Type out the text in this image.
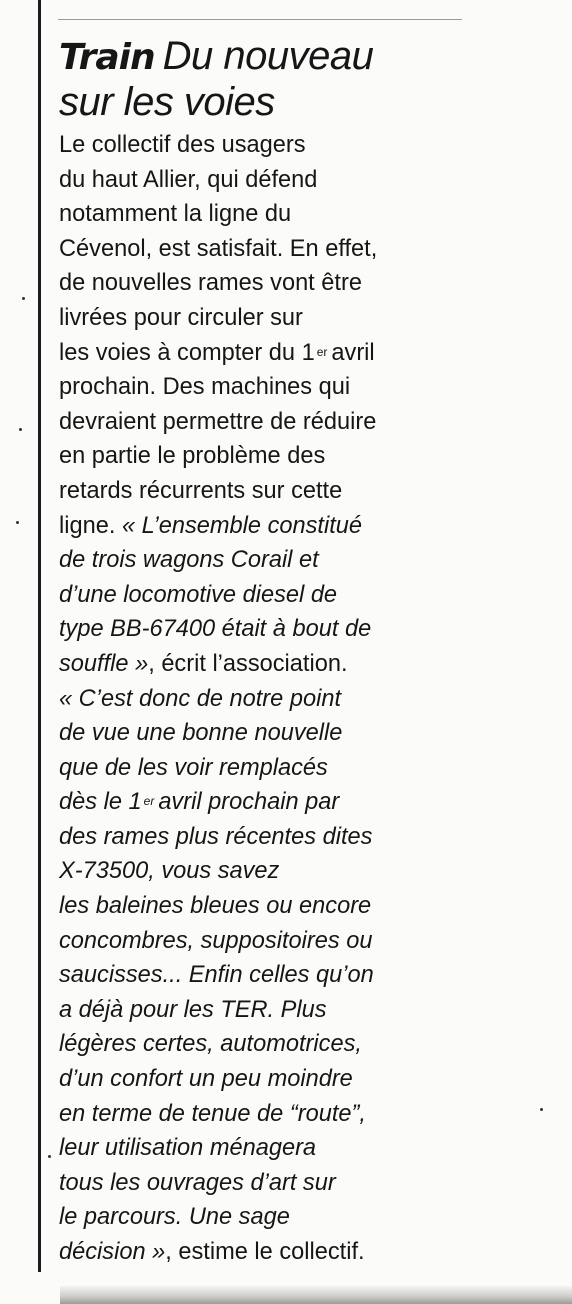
Train Du nouveau
sur les voies
Le collectif des usagers
du haut Allier, qui défend
notamment la ligne du
Cévenol, est satisfait. En effet,
de nouvelles rames vont être
livrées pour circuler sur
les voies à compter du 1 $^{er}$ avril
prochain. Des machines qui
devraient permettre de réduire
en partie le problème des
retards récurrents sur cette
ligne. « L’ensemble constitué
de trois wagons Corail et
d’une locomotive diesel de
type BB-67400 était à bout de
souffle », écrit l’association.
« C’est donc de notre point
de vue une bonne nouvelle
que de les voir remplacés
dès le 1 $^{er}$ avril prochain par
des rames plus récentes dites
X-73500, vous savez
les baleines bleues ou encore
concombres, suppositoires ou
saucisses... Enfin celles qu’on
a déjà pour les TER. Plus
légères certes, automotrices,
d’un confort un peu moindre
en terme de tenue de “route”,
leur utilisation ménagera
tous les ouvrages d’art sur
le parcours. Une sage
décision », estime le collectif.
